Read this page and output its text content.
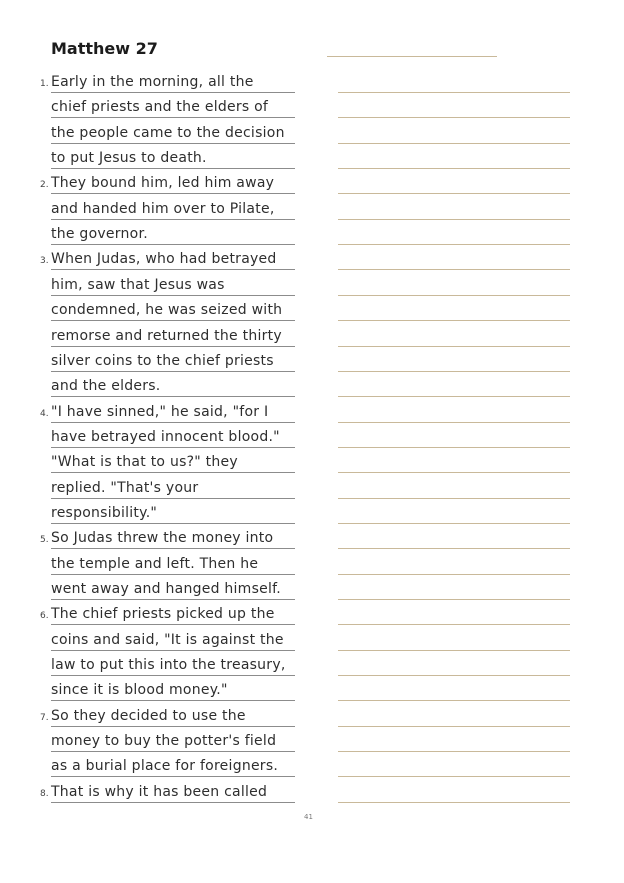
Matthew 27
1. Early in the morning, all the
chief priests and the elders of
the people came to the decision
to put Jesus to death.
2. They bound him, led him away
and handed him over to Pilate,
the governor.
3. When Judas, who had betrayed
him, saw that Jesus was
condemned, he was seized with
remorse and returned the thirty
silver coins to the chief priests
and the elders.
4. "I have sinned," he said, "for I
have betrayed innocent blood."
"What is that to us?" they
replied. "That's your
responsibility."
5. So Judas threw the money into
the temple and left. Then he
went away and hanged himself.
6. The chief priests picked up the
coins and said, "It is against the
law to put this into the treasury,
since it is blood money."
7. So they decided to use the
money to buy the potter's field
as a burial place for foreigners.
8. That is why it has been called
41
